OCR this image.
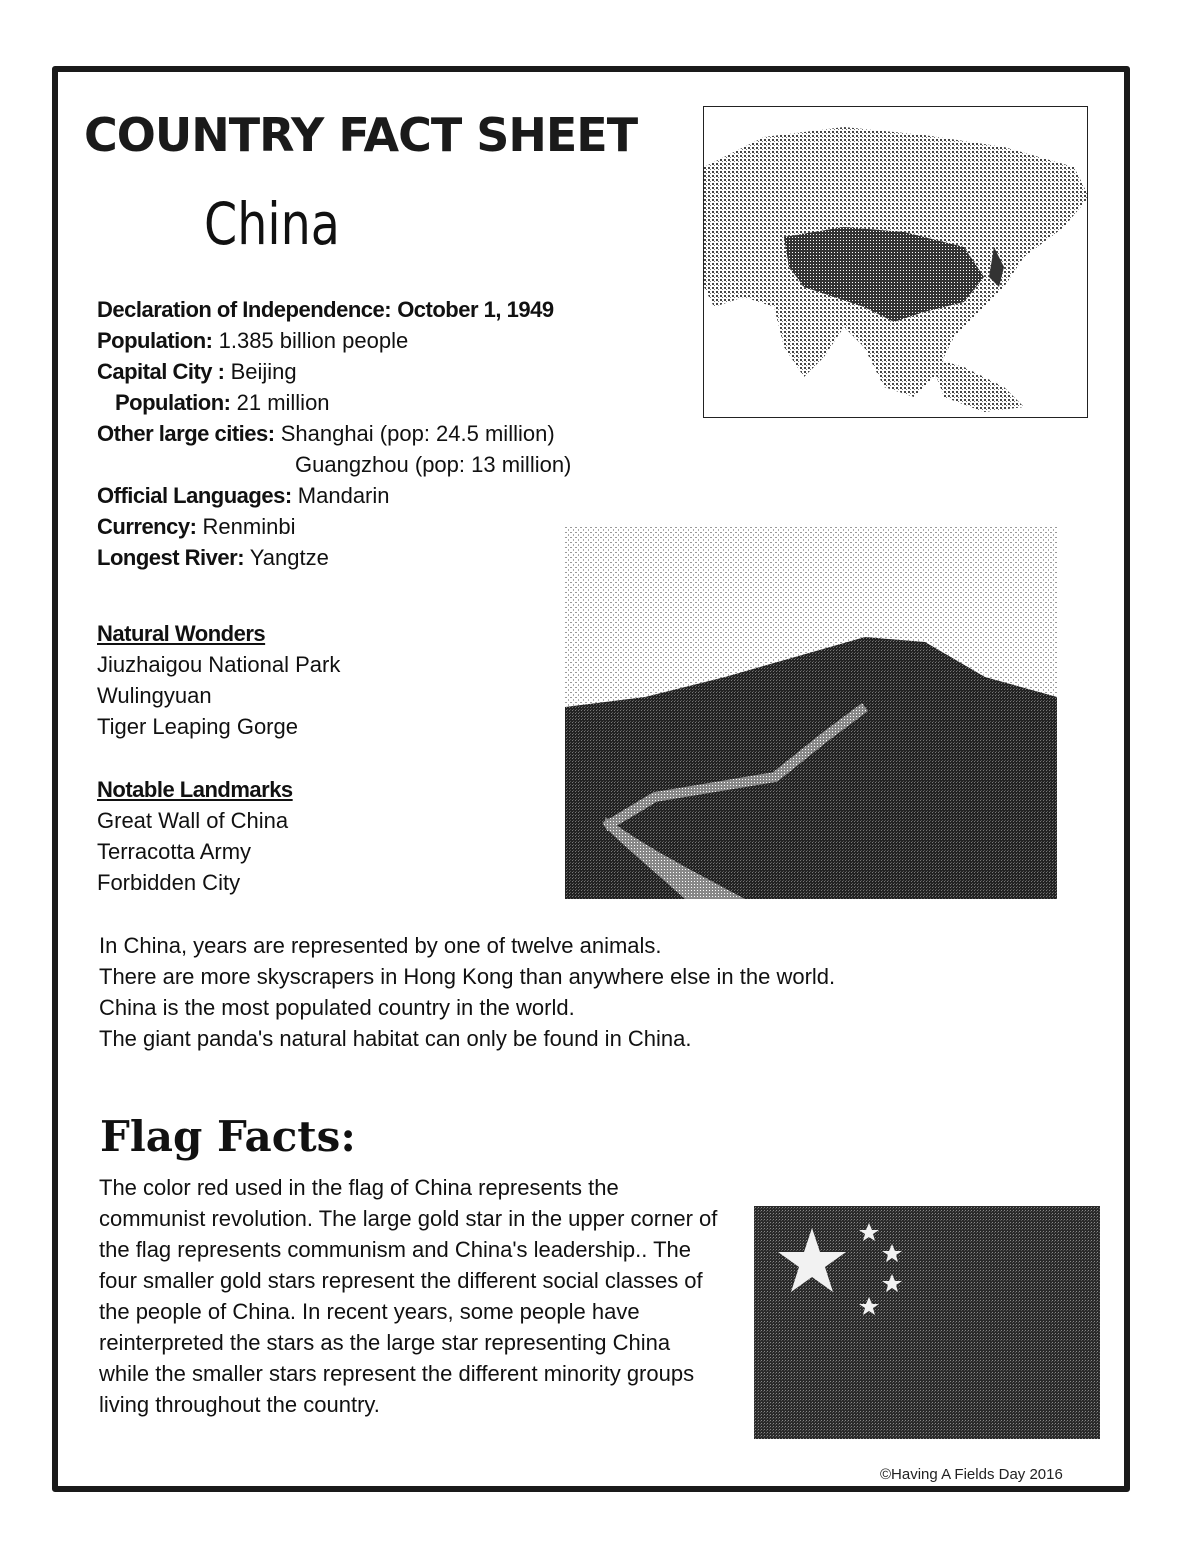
COUNTRY FACT SHEET
China
Declaration of Independence: October 1, 1949
Population: 1.385 billion people
Capital City : Beijing
Population: 21 million
Other large cities: Shanghai (pop: 24.5 million)
Guangzhou (pop: 13 million)
Official Languages: Mandarin
Currency: Renminbi
Longest River: Yangtze
Natural Wonders
Jiuzhaigou National Park
Wulingyuan
Tiger Leaping Gorge
Notable Landmarks
Great Wall of China
Terracotta Army
Forbidden City
In China, years are represented by one of twelve animals.
There are more skyscrapers in Hong Kong than anywhere else in the world.
China is the most populated country in the world.
The giant panda's natural habitat can only be found in China.
Flag Facts:

The color red used in the flag of China represents the communist revolution. The large gold star in the upper corner of the flag represents communism and China's leadership.. The four smaller gold stars represent the different social classes of the people of China. In recent years, some people have reinterpreted the stars as the large star representing China while the smaller stars represent the different minority groups living throughout the country.

©Having A Fields Day 2016
